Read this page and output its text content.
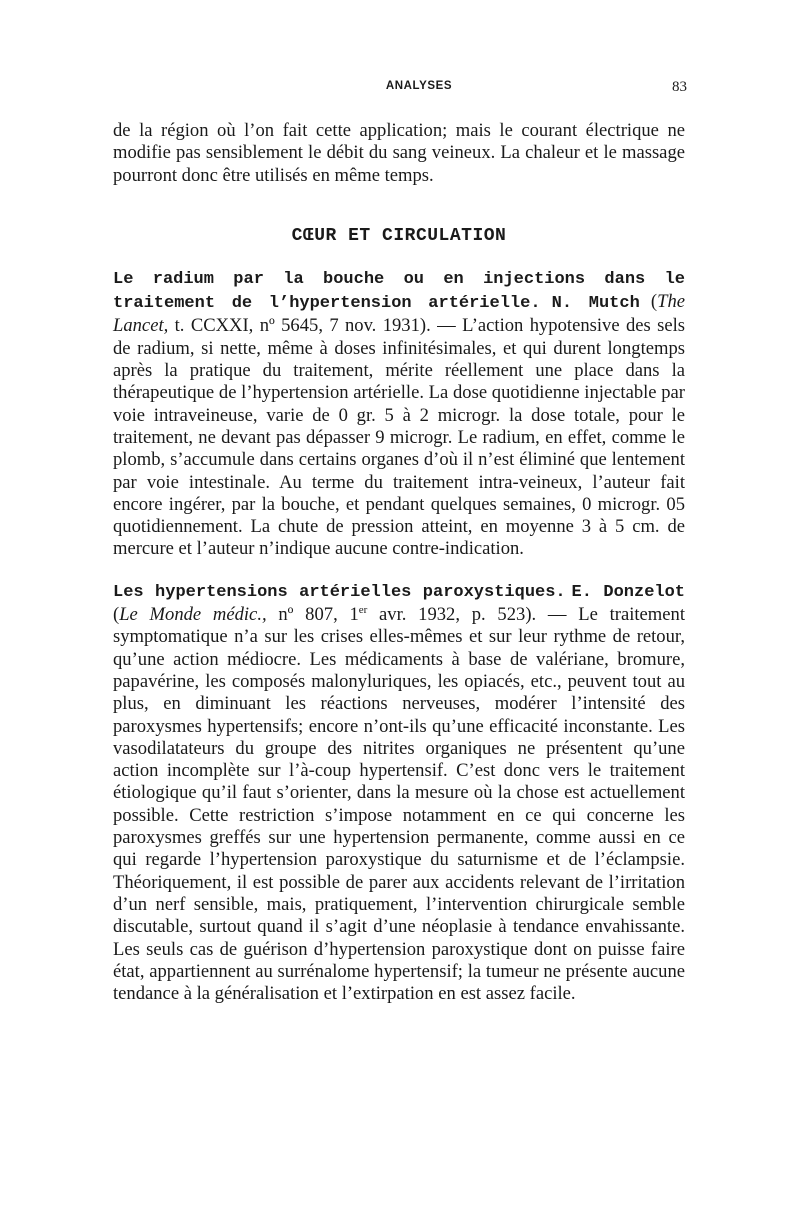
ANALYSES	83

de la région où l’on fait cette application; mais le courant électrique ne modifie pas sensiblement le débit du sang veineux. La chaleur et le massage pourront donc être utilisés en même temps.

CŒUR ET CIRCULATION

Le radium par la bouche ou en injections dans le traitement de l’hypertension artérielle. N. Mutch (The Lancet, t. CCXXI, nº 5645, 7 nov. 1931). — L’action hypotensive des sels de radium, si nette, même à doses infinitésimales, et qui durent longtemps après la pratique du traitement, mérite réellement une place dans la thérapeutique de l’hypertension artérielle. La dose quotidienne injectable par voie intraveineuse, varie de 0 gr. 5 à 2 microgr. la dose totale, pour le traitement, ne devant pas dépasser 9 microgr. Le radium, en effet, comme le plomb, s’accumule dans certains organes d’où il n’est éliminé que lentement par voie intestinale. Au terme du traitement intra-veineux, l’auteur fait encore ingérer, par la bouche, et pendant quelques semaines, 0 microgr. 05 quotidiennement. La chute de pression atteint, en moyenne 3 à 5 cm. de mercure et l’auteur n’indique aucune contre-indication.

Les hypertensions artérielles paroxystiques. E. Donzelot (Le Monde médic., nº 807, 1er avr. 1932, p. 523). — Le traitement symptomatique n’a sur les crises elles-mêmes et sur leur rythme de retour, qu’une action médiocre. Les médicaments à base de valériane, bromure, papavérine, les composés malonyluriques, les opiacés, etc., peuvent tout au plus, en diminuant les réactions nerveuses, modérer l’intensité des paroxysmes hypertensifs; encore n’ont-ils qu’une efficacité inconstante. Les vasodilatateurs du groupe des nitrites organiques ne présentent qu’une action incomplète sur l’à-coup hypertensif. C’est donc vers le traitement étiologique qu’il faut s’orienter, dans la mesure où la chose est actuellement possible. Cette restriction s’impose notamment en ce qui concerne les paroxysmes greffés sur une hypertension permanente, comme aussi en ce qui regarde l’hypertension paroxystique du saturnisme et de l’éclampsie. Théoriquement, il est possible de parer aux accidents relevant de l’irritation d’un nerf sensible, mais, pratiquement, l’intervention chirurgicale semble discutable, surtout quand il s’agit d’une néoplasie à tendance envahissante. Les seuls cas de guérison d’hypertension paroxystique dont on puisse faire état, appartiennent au surrénalome hypertensif; la tumeur ne présente aucune tendance à la généralisation et l’extirpation en est assez facile.
